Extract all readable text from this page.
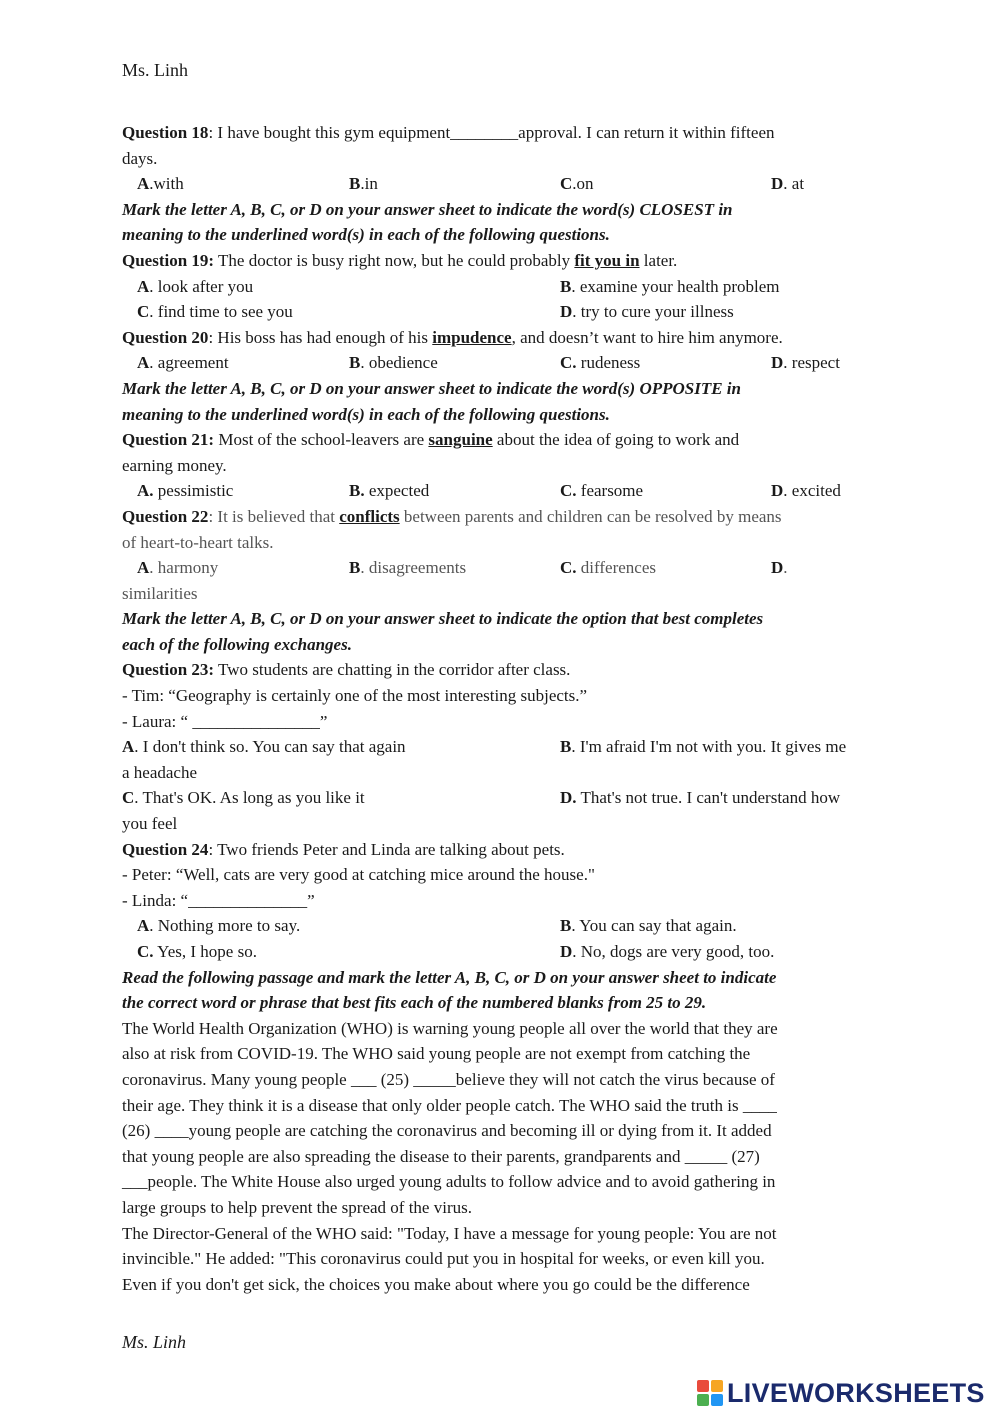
Ms. Linh
Question 18: I have bought this gym equipment________approval. I can return it within fifteen
days.
A.with	B.in	C.on	D. at
Mark the letter A, B, C, or D on your answer sheet to indicate the word(s) CLOSEST in
meaning to the underlined word(s) in each of the following questions.
Question 19: The doctor is busy right now, but he could probably fit you in later.
A. look after you	B. examine your health problem
C. find time to see you	D. try to cure your illness
Question 20: His boss has had enough of his impudence, and doesn’t want to hire him anymore.
A. agreement	B. obedience	C. rudeness	D. respect
Mark the letter A, B, C, or D on your answer sheet to indicate the word(s) OPPOSITE in
meaning to the underlined word(s) in each of the following questions.
Question 21: Most of the school-leavers are sanguine about the idea of going to work and
earning money.
A. pessimistic	B. expected	C. fearsome	D. excited
Question 22: It is believed that conflicts between parents and children can be resolved by means
of heart-to-heart talks.
A. harmony	B. disagreements	C. differences	D.
similarities
Mark the letter A, B, C, or D on your answer sheet to indicate the option that best completes
each of the following exchanges.
Question 23: Two students are chatting in the corridor after class.
- Tim: “Geography is certainly one of the most interesting subjects.”
- Laura: “ _______________”
A. I don't think so. You can say that again	B. I'm afraid I'm not with you. It gives me
a headache
C. That's OK. As long as you like it	D. That's not true. I can't understand how
you feel
Question 24: Two friends Peter and Linda are talking about pets.
- Peter: “Well, cats are very good at catching mice around the house."
- Linda: “______________”
A. Nothing more to say.	B. You can say that again.
C. Yes, I hope so.	D. No, dogs are very good, too.
Read the following passage and mark the letter A, B, C, or D on your answer sheet to indicate
the correct word or phrase that best fits each of the numbered blanks from 25 to 29.
The World Health Organization (WHO) is warning young people all over the world that they are
also at risk from COVID-19. The WHO said young people are not exempt from catching the
coronavirus. Many young people ___ (25) _____believe they will not catch the virus because of
their age. They think it is a disease that only older people catch. The WHO said the truth is ____
(26) ____young people are catching the coronavirus and becoming ill or dying from it. It added
that young people are also spreading the disease to their parents, grandparents and _____ (27)
___people. The White House also urged young adults to follow advice and to avoid gathering in
large groups to help prevent the spread of the virus.
The Director-General of the WHO said: "Today, I have a message for young people: You are not
invincible." He added: "This coronavirus could put you in hospital for weeks, or even kill you.
Even if you don't get sick, the choices you make about where you go could be the difference
Ms. Linh
LIVEWORKSHEETS
